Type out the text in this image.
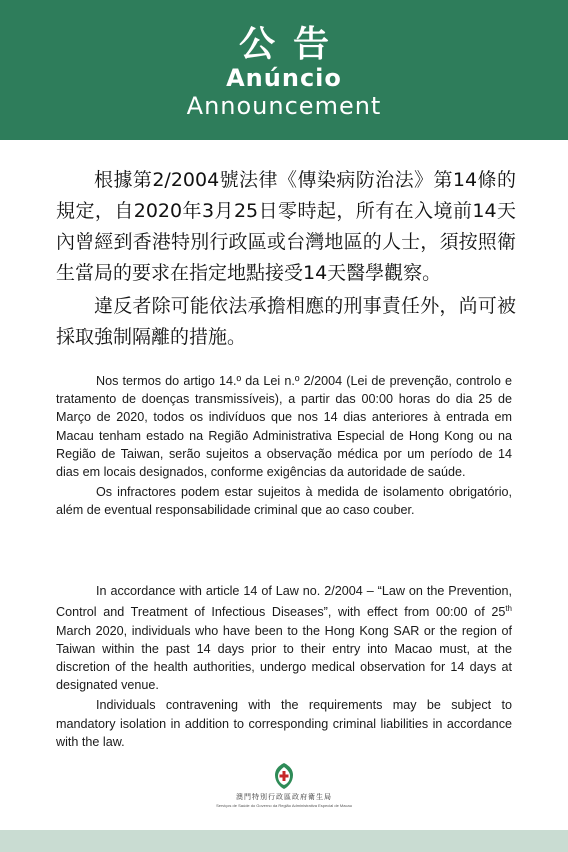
公告
Anúncio
Announcement

根據第2/2004號法律《傳染病防治法》第14條的規定，自2020年3月25日零時起，所有在入境前14天內曾經到香港特別行政區或台灣地區的人士，須按照衛生當局的要求在指定地點接受14天醫學觀察。

違反者除可能依法承擔相應的刑事責任外，尚可被採取強制隔離的措施。

Nos termos do artigo 14.º da Lei n.º 2/2004 (Lei de prevenção, controlo e tratamento de doenças transmissíveis), a partir das 00:00 horas do dia 25 de Março de 2020, todos os indivíduos que nos 14 dias anteriores à entrada em Macau tenham estado na Região Administrativa Especial de Hong Kong ou na Região de Taiwan, serão sujeitos a observação médica por um período de 14 dias em locais designados, conforme exigências da autoridade de saúde.

Os infractores podem estar sujeitos à medida de isolamento obrigatório, além de eventual responsabilidade criminal que ao caso couber.

In accordance with article 14 of Law no. 2/2004 – “Law on the Prevention, Control and Treatment of Infectious Diseases”, with effect from 00:00 of 25th March 2020, individuals who have been to the Hong Kong SAR or the region of Taiwan within the past 14 days prior to their entry into Macao must, at the discretion of the health authorities, undergo medical observation for 14 days at designated venue.

Individuals contravening with the requirements may be subject to mandatory isolation in addition to corresponding criminal liabilities in accordance with the law.

澳門特別行政區政府衛生局
Serviços de Saúde do Governo da Região Administrativa Especial de Macau
